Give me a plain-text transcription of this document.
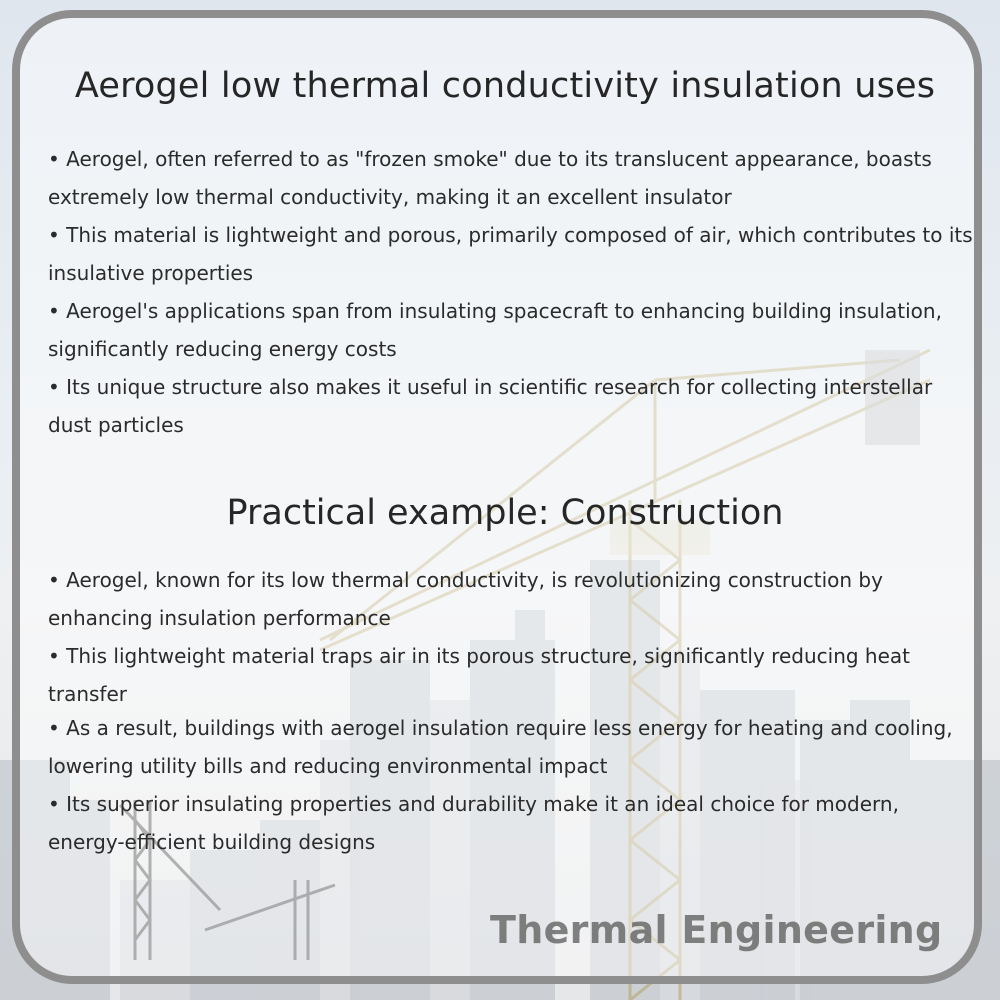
Aerogel low thermal conductivity insulation uses
• Aerogel, often referred to as "frozen smoke" due to its translucent appearance, boasts extremely low thermal conductivity, making it an excellent insulator
• This material is lightweight and porous, primarily composed of air, which contributes to its insulative properties
• Aerogel's applications span from insulating spacecraft to enhancing building insulation, significantly reducing energy costs
• Its unique structure also makes it useful in scientific research for collecting interstellar dust particles
Practical example: Construction
• Aerogel, known for its low thermal conductivity, is revolutionizing construction by enhancing insulation performance
• This lightweight material traps air in its porous structure, significantly reducing heat transfer
• As a result, buildings with aerogel insulation require less energy for heating and cooling, lowering utility bills and reducing environmental impact
• Its superior insulating properties and durability make it an ideal choice for modern, energy-efficient building designs
Thermal Engineering
